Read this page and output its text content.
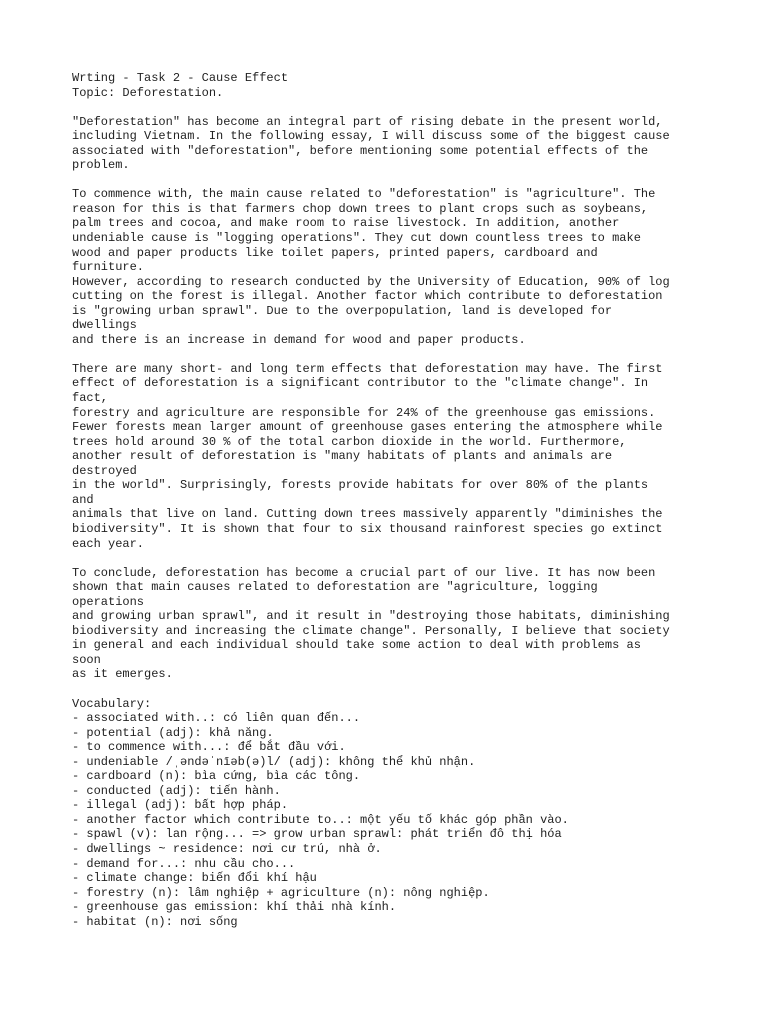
Wrting - Task 2 - Cause Effect
Topic: Deforestation.
"Deforestation" has become an integral part of rising debate in the present world,
including Vietnam. In the following essay, I will discuss some of the biggest cause
associated with "deforestation", before mentioning some potential effects of the
problem.
To commence with, the main cause related to "deforestation" is "agriculture". The
reason for this is that farmers chop down trees to plant crops such as soybeans,
palm trees and cocoa, and make room to raise livestock. In addition, another
undeniable cause is "logging operations". They cut down countless trees to make
wood and paper products like toilet papers, printed papers, cardboard and
furniture.
However, according to research conducted by the University of Education, 90% of log
cutting on the forest is illegal. Another factor which contribute to deforestation
is "growing urban sprawl". Due to the overpopulation, land is developed for
dwellings
and there is an increase in demand for wood and paper products.
There are many short- and long term effects that deforestation may have. The first
effect of deforestation is a significant contributor to the "climate change". In
fact,
forestry and agriculture are responsible for 24% of the greenhouse gas emissions.
Fewer forests mean larger amount of greenhouse gases entering the atmosphere while
trees hold around 30 % of the total carbon dioxide in the world. Furthermore,
another result of deforestation is "many habitats of plants and animals are
destroyed
in the world". Surprisingly, forests provide habitats for over 80% of the plants
and
animals that live on land. Cutting down trees massively apparently "diminishes the
biodiversity". It is shown that four to six thousand rainforest species go extinct
each year.
To conclude, deforestation has become a crucial part of our live. It has now been
shown that main causes related to deforestation are "agriculture, logging
operations
and growing urban sprawl", and it result in "destroying those habitats, diminishing
biodiversity and increasing the climate change". Personally, I believe that society
in general and each individual should take some action to deal with problems as
soon
as it emerges.
Vocabulary:
- associated with..: có liên quan đến...
- potential (adj): khả năng.
- to commence with...: để bắt đầu với.
- undeniable /ˌəndəˈnīəb(ə)l/ (adj): không thể khủ nhận.
- cardboard (n): bìa cứng, bìa các tông.
- conducted (adj): tiến hành.
- illegal (adj): bất hợp pháp.
- another factor which contribute to..: một yếu tố khác góp phần vào.
- spawl (v): lan rộng... => grow urban sprawl: phát triển đô thị hóa
- dwellings ~ residence: nơi cư trú, nhà ở.
- demand for...: nhu cầu cho...
- climate change: biến đổi khí hậu
- forestry (n): lâm nghiệp + agriculture (n): nông nghiệp.
- greenhouse gas emission: khí thải nhà kính.
- habitat (n): nơi sống
